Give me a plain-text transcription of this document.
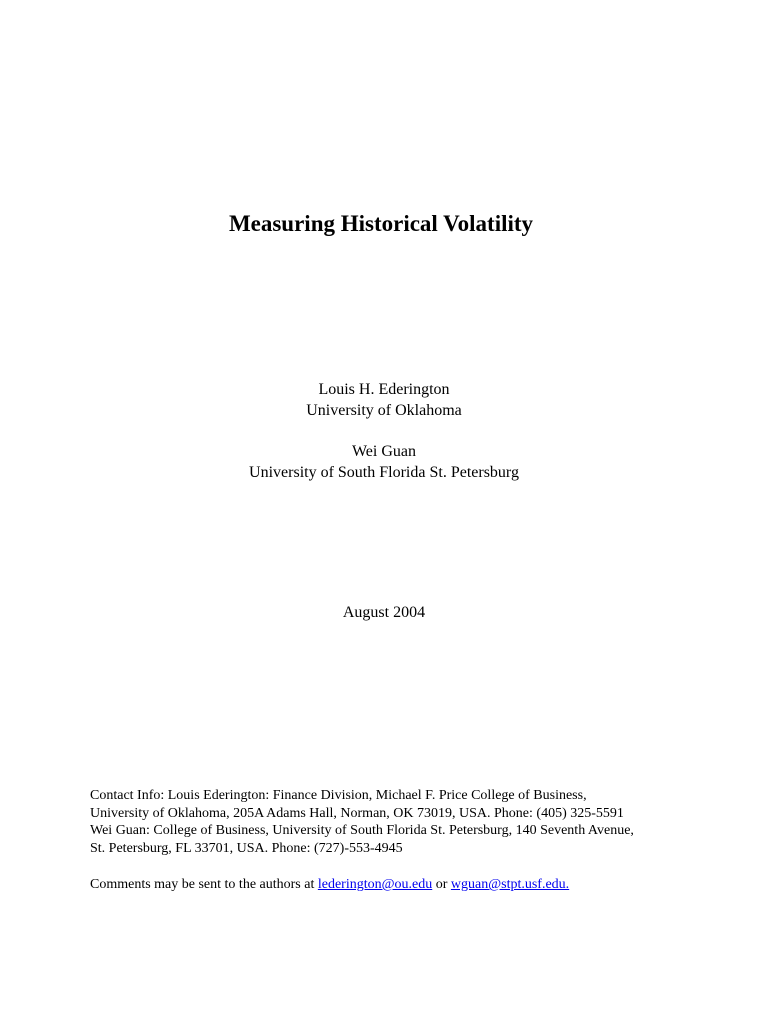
Measuring Historical Volatility
Louis H. Ederington
University of Oklahoma
Wei Guan
University of South Florida St. Petersburg
August 2004
Contact Info: Louis Ederington: Finance Division, Michael F. Price College of Business,
University of Oklahoma, 205A Adams Hall, Norman, OK 73019, USA. Phone: (405) 325-5591
Wei Guan: College of Business, University of South Florida St. Petersburg, 140 Seventh Avenue,
St. Petersburg, FL 33701, USA. Phone: (727)-553-4945
Comments may be sent to the authors at lederington@ou.edu or wguan@stpt.usf.edu.
